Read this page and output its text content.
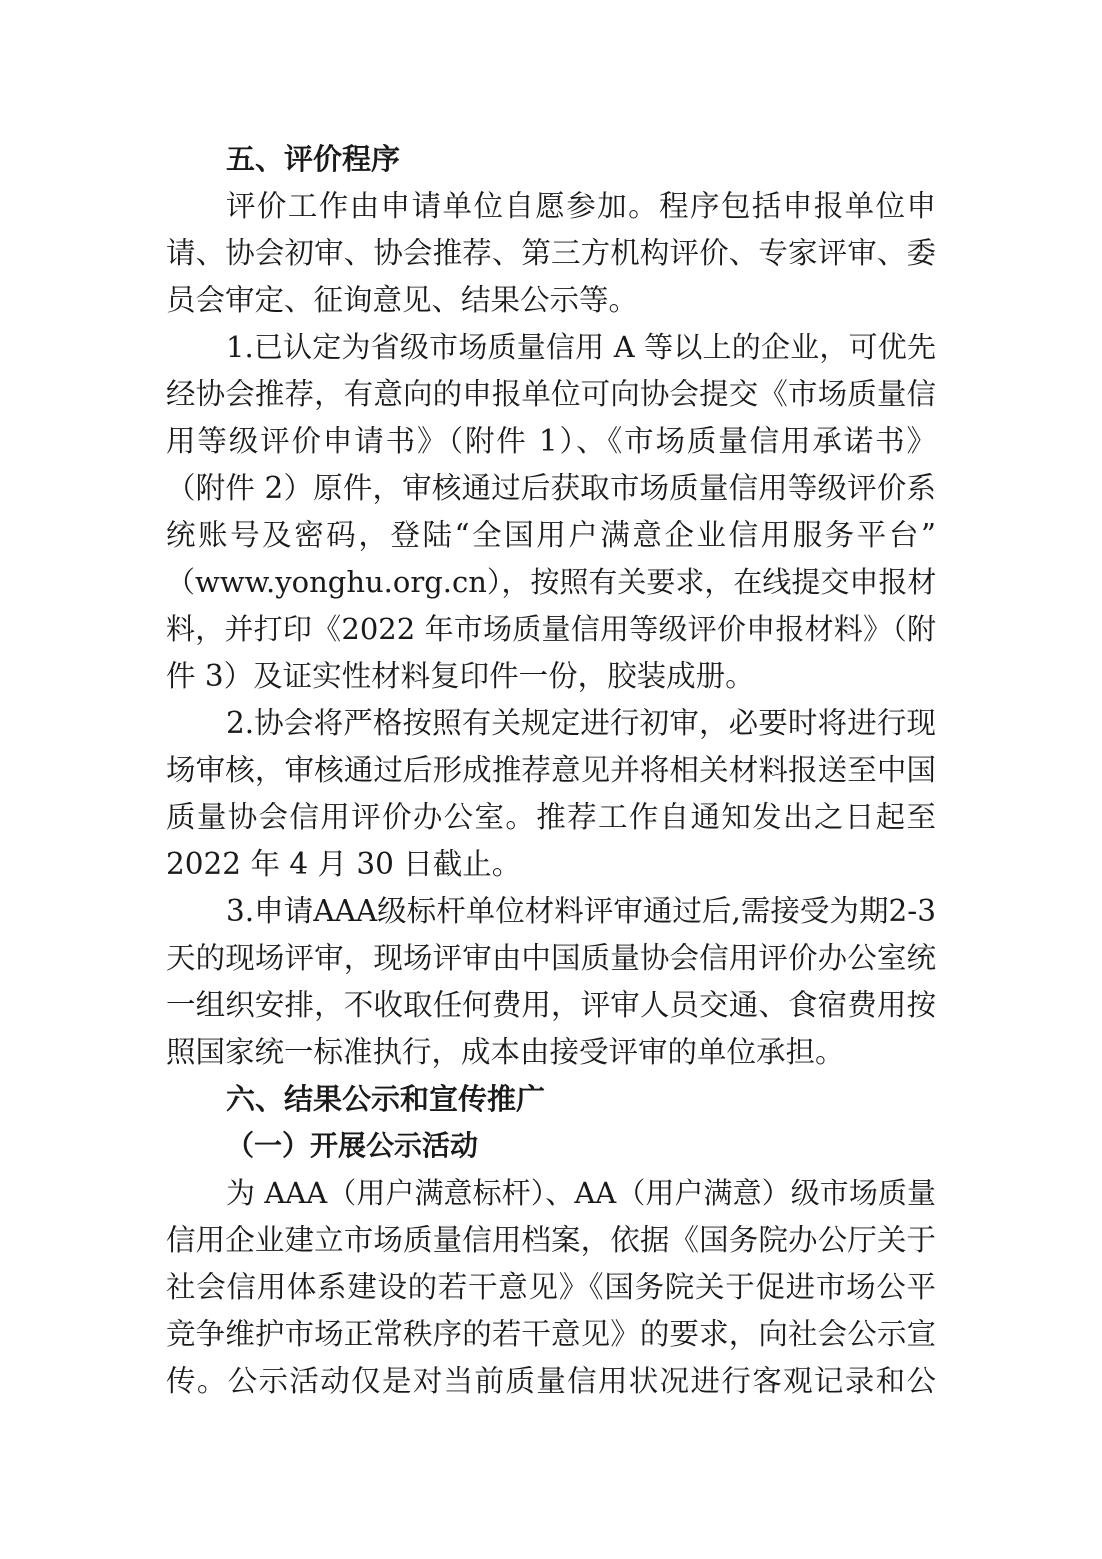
五、评价程序
评价工作由申请单位自愿参加。程序包括申报单位申
请、协会初审、协会推荐、第三方机构评价、专家评审、委
员会审定、征询意见、结果公示等。
1.已认定为省级市场质量信用 A 等以上的企业，可优先
经协会推荐，有意向的申报单位可向协会提交《市场质量信
用等级评价申请书》（附件 1）、《市场质量信用承诺书》
（附件 2）原件，审核通过后获取市场质量信用等级评价系
统账号及密码，登陆“全国用户满意企业信用服务平台”
（www.yonghu.org.cn），按照有关要求，在线提交申报材
料，并打印《2022 年市场质量信用等级评价申报材料》（附
件 3）及证实性材料复印件一份，胶装成册。
2.协会将严格按照有关规定进行初审，必要时将进行现
场审核，审核通过后形成推荐意见并将相关材料报送至中国
质量协会信用评价办公室。推荐工作自通知发出之日起至
2022 年 4 月 30 日截止。
3.申请AAA级标杆单位材料评审通过后,需接受为期2-3
天的现场评审，现场评审由中国质量协会信用评价办公室统
一组织安排，不收取任何费用，评审人员交通、食宿费用按
照国家统一标准执行，成本由接受评审的单位承担。
六、结果公示和宣传推广
（一）开展公示活动
为 AAA（用户满意标杆）、AA（用户满意）级市场质量
信用企业建立市场质量信用档案，依据《国务院办公厅关于
社会信用体系建设的若干意见》《国务院关于促进市场公平
竞争维护市场正常秩序的若干意见》的要求，向社会公示宣
传。公示活动仅是对当前质量信用状况进行客观记录和公
